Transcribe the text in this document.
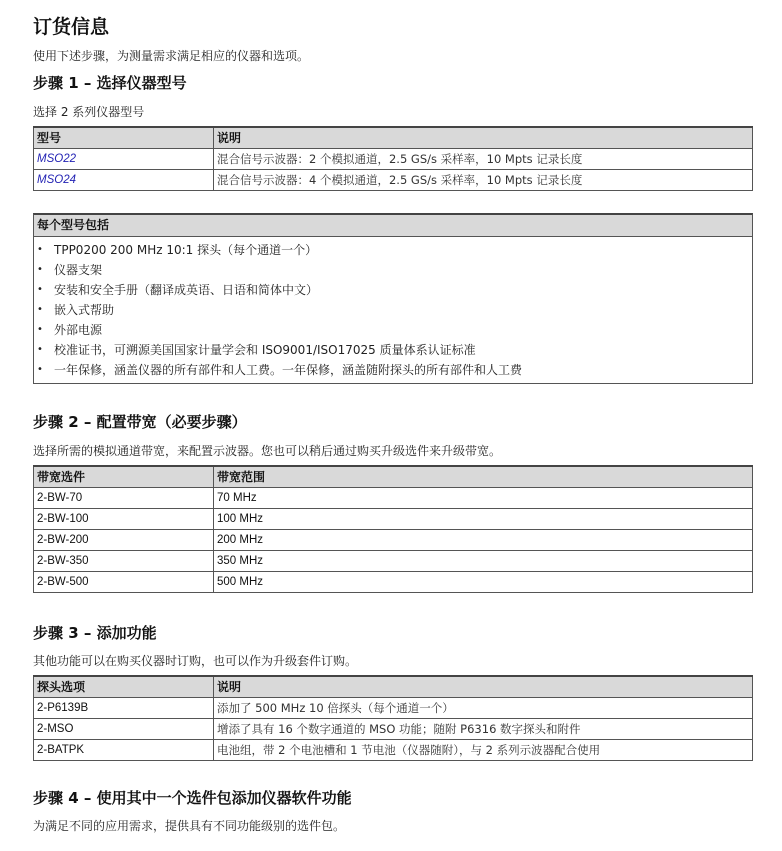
订货信息
使用下述步骤，为测量需求满足相应的仪器和选项。
步骤 1 – 选择仪器型号
选择 2 系列仪器型号
型号	说明
MSO22	混合信号示波器：2 个模拟通道，2.5 GS/s 采样率，10 Mpts 记录长度
MSO24	混合信号示波器：4 个模拟通道，2.5 GS/s 采样率，10 Mpts 记录长度
每个型号包括
• TPP0200 200 MHz 10:1 探头（每个通道一个）
• 仪器支架
• 安装和安全手册（翻译成英语、日语和简体中文）
• 嵌入式帮助
• 外部电源
• 校准证书，可溯源美国国家计量学会和 ISO9001/ISO17025 质量体系认证标准
• 一年保修，涵盖仪器的所有部件和人工费。一年保修，涵盖随附探头的所有部件和人工费
步骤 2 – 配置带宽（必要步骤）
选择所需的模拟通道带宽，来配置示波器。您也可以稍后通过购买升级选件来升级带宽。
带宽选件	带宽范围
2-BW-70	70 MHz
2-BW-100	100 MHz
2-BW-200	200 MHz
2-BW-350	350 MHz
2-BW-500	500 MHz
步骤 3 – 添加功能
其他功能可以在购买仪器时订购，也可以作为升级套件订购。
探头选项	说明
2-P6139B	添加了 500 MHz 10 倍探头（每个通道一个）
2-MSO	增添了具有 16 个数字通道的 MSO 功能；随附 P6316 数字探头和附件
2-BATPK	电池组，带 2 个电池槽和 1 节电池（仪器随附），与 2 系列示波器配合使用
步骤 4 – 使用其中一个选件包添加仪器软件功能
为满足不同的应用需求，提供具有不同功能级别的选件包。
